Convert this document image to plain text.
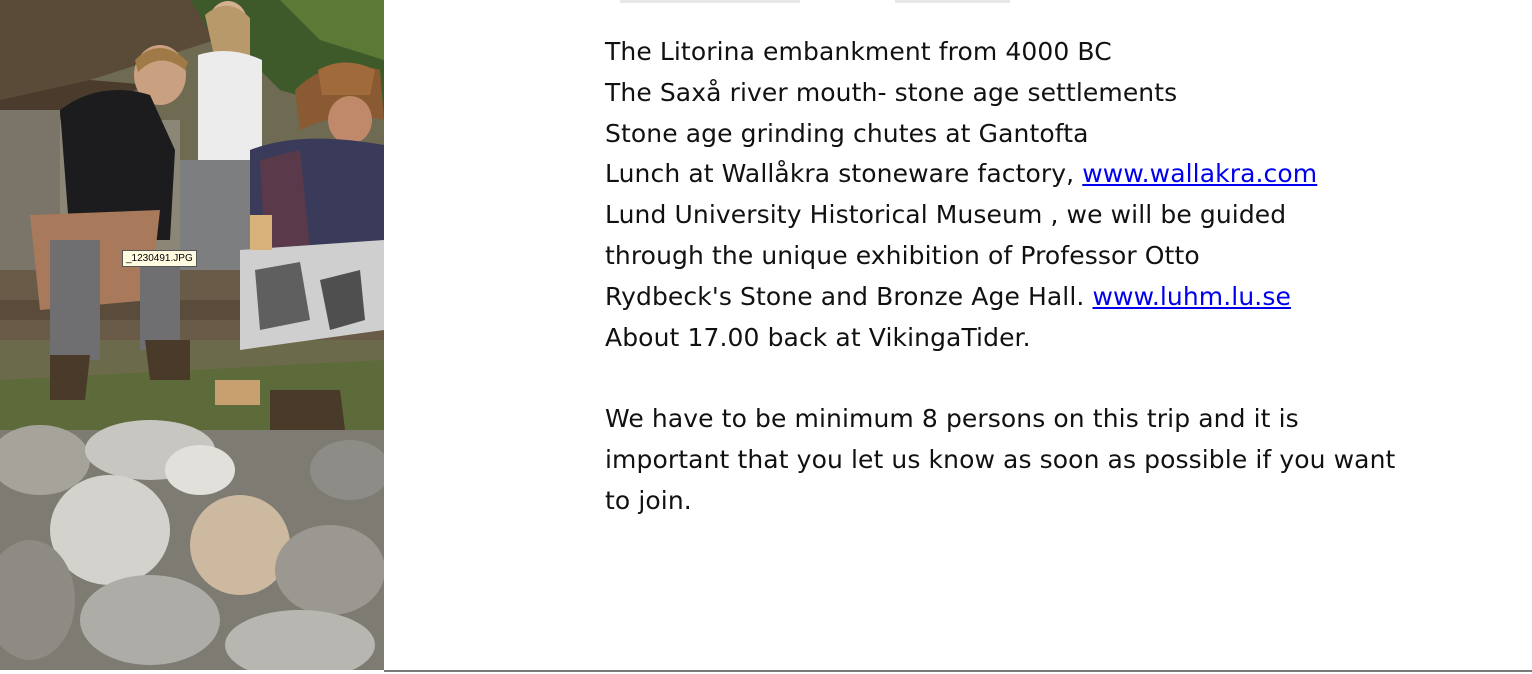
_1230491.JPG
The Litorina embankment from 4000 BC
The Saxå river mouth- stone age settlements
Stone age grinding chutes at Gantofta
Lunch at Wallåkra stoneware factory, www.wallakra.com
Lund University Historical Museum , we will be guided
through the unique exhibition of Professor Otto
Rydbeck's Stone and Bronze Age Hall. www.luhm.lu.se
About 17.00 back at VikingaTider.
We have to be minimum 8 persons on this trip and it is
important that you let us know as soon as possible if you want
to join.
